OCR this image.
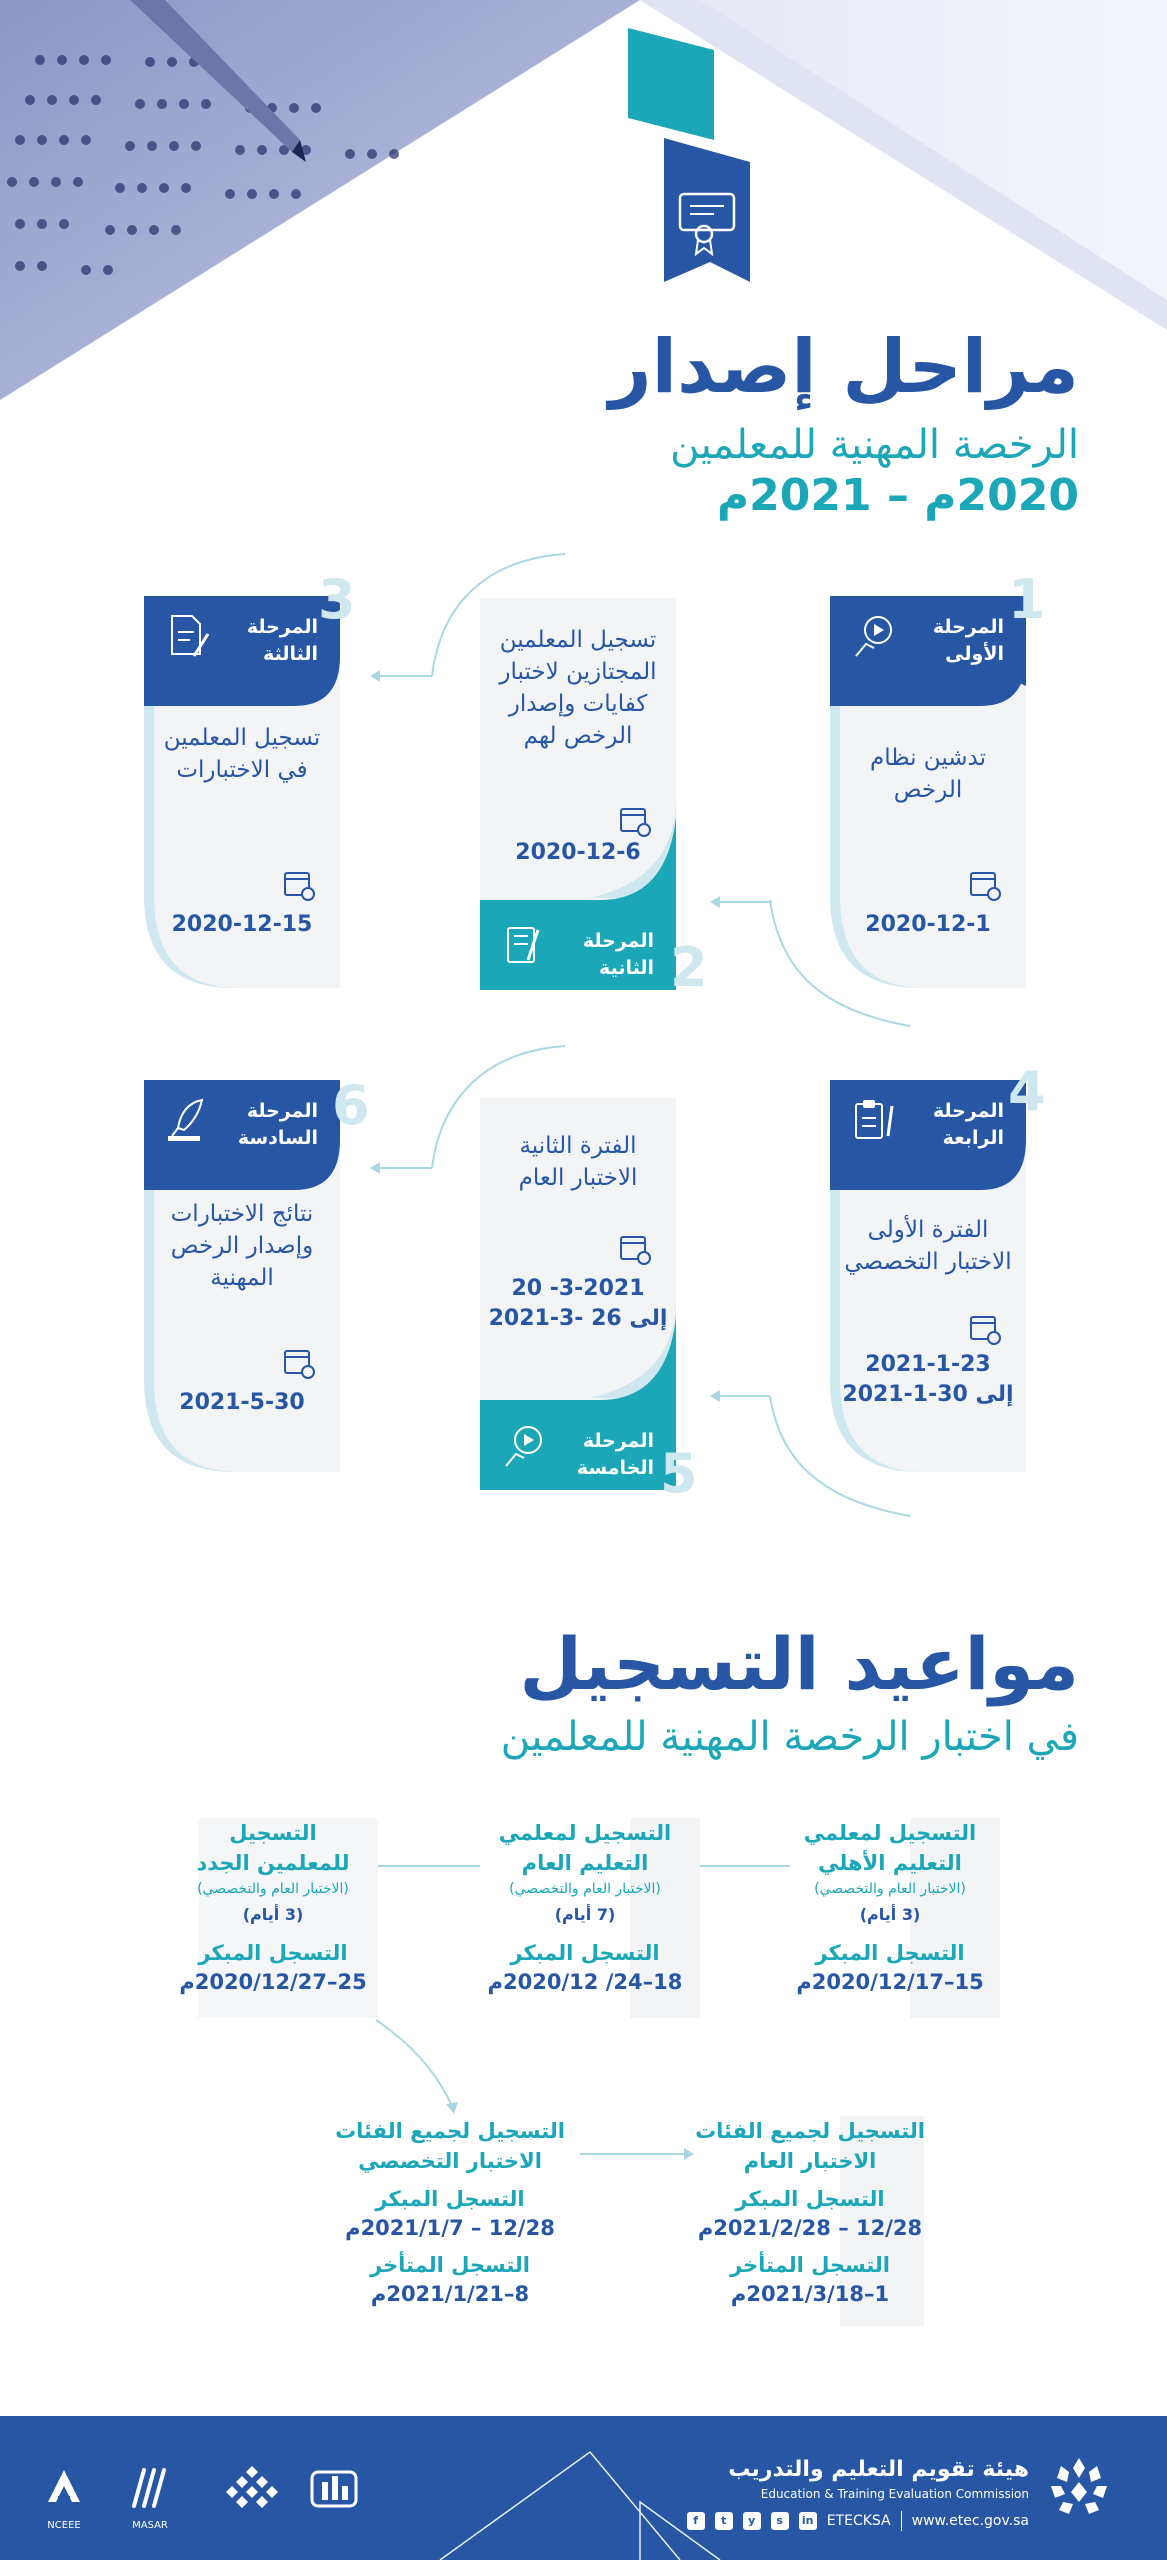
مراحل إصدار
الرخصة المهنية للمعلمين
2020م – 2021م
المرحلة
الأولى
تدشين نظام الرخص
2020-12-1
1
تسجيل المعلمين المجتازين لاختبار كفايات وإصدار الرخص لهم
2020-12-6
المرحلة
الثانية 2
المرحلة
الثالثة
تسجيل المعلمين في الاختبارات
2020-12-15
3
المرحلة
الرابعة
الفترة الأولى الاختبار التخصصي
2021-1-23
إلى 30-1-2021
4
الفترة الثانية الاختبار العام
20 -3-2021
إلى 26 -3-2021
المرحلة
الخامسة 5
المرحلة
السادسة
نتائج الاختبارات وإصدار الرخص المهنية
2021-5-30
6
مواعيد التسجيل
في اختبار الرخصة المهنية للمعلمين
التسجيل لمعلمي
التعليم الأهلي
(الاختبار العام والتخصصي)
(3 أيام)
التسجل المبكر
15–2020/12/17م
التسجيل لمعلمي
التعليم العام
(الاختبار العام والتخصصي)
(7 أيام)
التسجل المبكر
18–24/ 2020/12م
التسجيل
للمعلمين الجدد
(الاختبار العام والتخصصي)
(3 أيام)
التسجل المبكر
25–2020/12/27م
التسجيل لجميع الفئات
الاختبار العام
التسجل المبكر
12/28 – 2021/2/28م
التسجل المتأخر
1–2021/3/18م
التسجيل لجميع الفئات
الاختبار التخصصي
التسجل المبكر
12/28 – 2021/1/7م
التسجل المتأخر
8–2021/1/21م
هيئة تقويم التعليم والتدريب
Education & Training Evaluation Commission
www.etec.gov.sa
ETECKSA
in
s
y
t
f
MASAR
NCEEE
